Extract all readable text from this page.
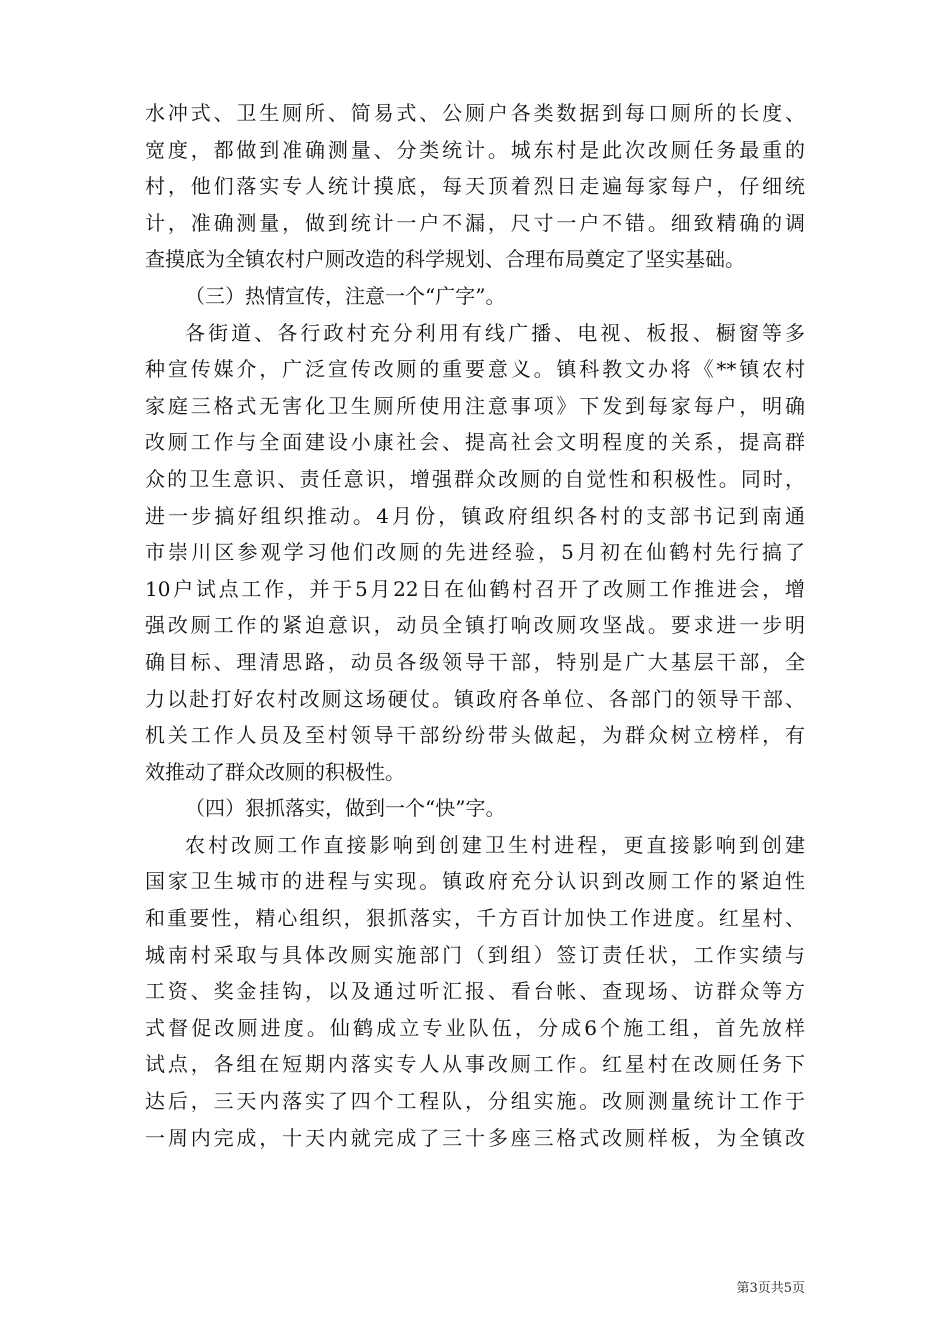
水冲式、卫生厕所、简易式、公厕户各类数据到每口厕所的长度、
宽度，都做到准确测量、分类统计。城东村是此次改厕任务最重的
村，他们落实专人统计摸底，每天顶着烈日走遍每家每户，仔细统
计，准确测量，做到统计一户不漏，尺寸一户不错。细致精确的调
查摸底为全镇农村户厕改造的科学规划、合理布局奠定了坚实基础。
（三）热情宣传，注意一个“广字”。
各街道、各行政村充分利用有线广播、电视、板报、橱窗等多
种宣传媒介，广泛宣传改厕的重要意义。镇科教文办将《**镇农村
家庭三格式无害化卫生厕所使用注意事项》下发到每家每户，明确
改厕工作与全面建设小康社会、提高社会文明程度的关系，提高群
众的卫生意识、责任意识，增强群众改厕的自觉性和积极性。同时，
进一步搞好组织推动。4月份，镇政府组织各村的支部书记到南通
市崇川区参观学习他们改厕的先进经验，5月初在仙鹤村先行搞了
10户试点工作，并于5月22日在仙鹤村召开了改厕工作推进会，增
强改厕工作的紧迫意识，动员全镇打响改厕攻坚战。要求进一步明
确目标、理清思路，动员各级领导干部，特别是广大基层干部，全
力以赴打好农村改厕这场硬仗。镇政府各单位、各部门的领导干部、
机关工作人员及至村领导干部纷纷带头做起，为群众树立榜样，有
效推动了群众改厕的积极性。
（四）狠抓落实，做到一个“快”字。
农村改厕工作直接影响到创建卫生村进程，更直接影响到创建
国家卫生城市的进程与实现。镇政府充分认识到改厕工作的紧迫性
和重要性，精心组织，狠抓落实，千方百计加快工作进度。红星村、
城南村采取与具体改厕实施部门（到组）签订责任状，工作实绩与
工资、奖金挂钩，以及通过听汇报、看台帐、查现场、访群众等方
式督促改厕进度。仙鹤成立专业队伍，分成6个施工组，首先放样
试点，各组在短期内落实专人从事改厕工作。红星村在改厕任务下
达后，三天内落实了四个工程队，分组实施。改厕测量统计工作于
一周内完成，十天内就完成了三十多座三格式改厕样板，为全镇改
第3页共5页
